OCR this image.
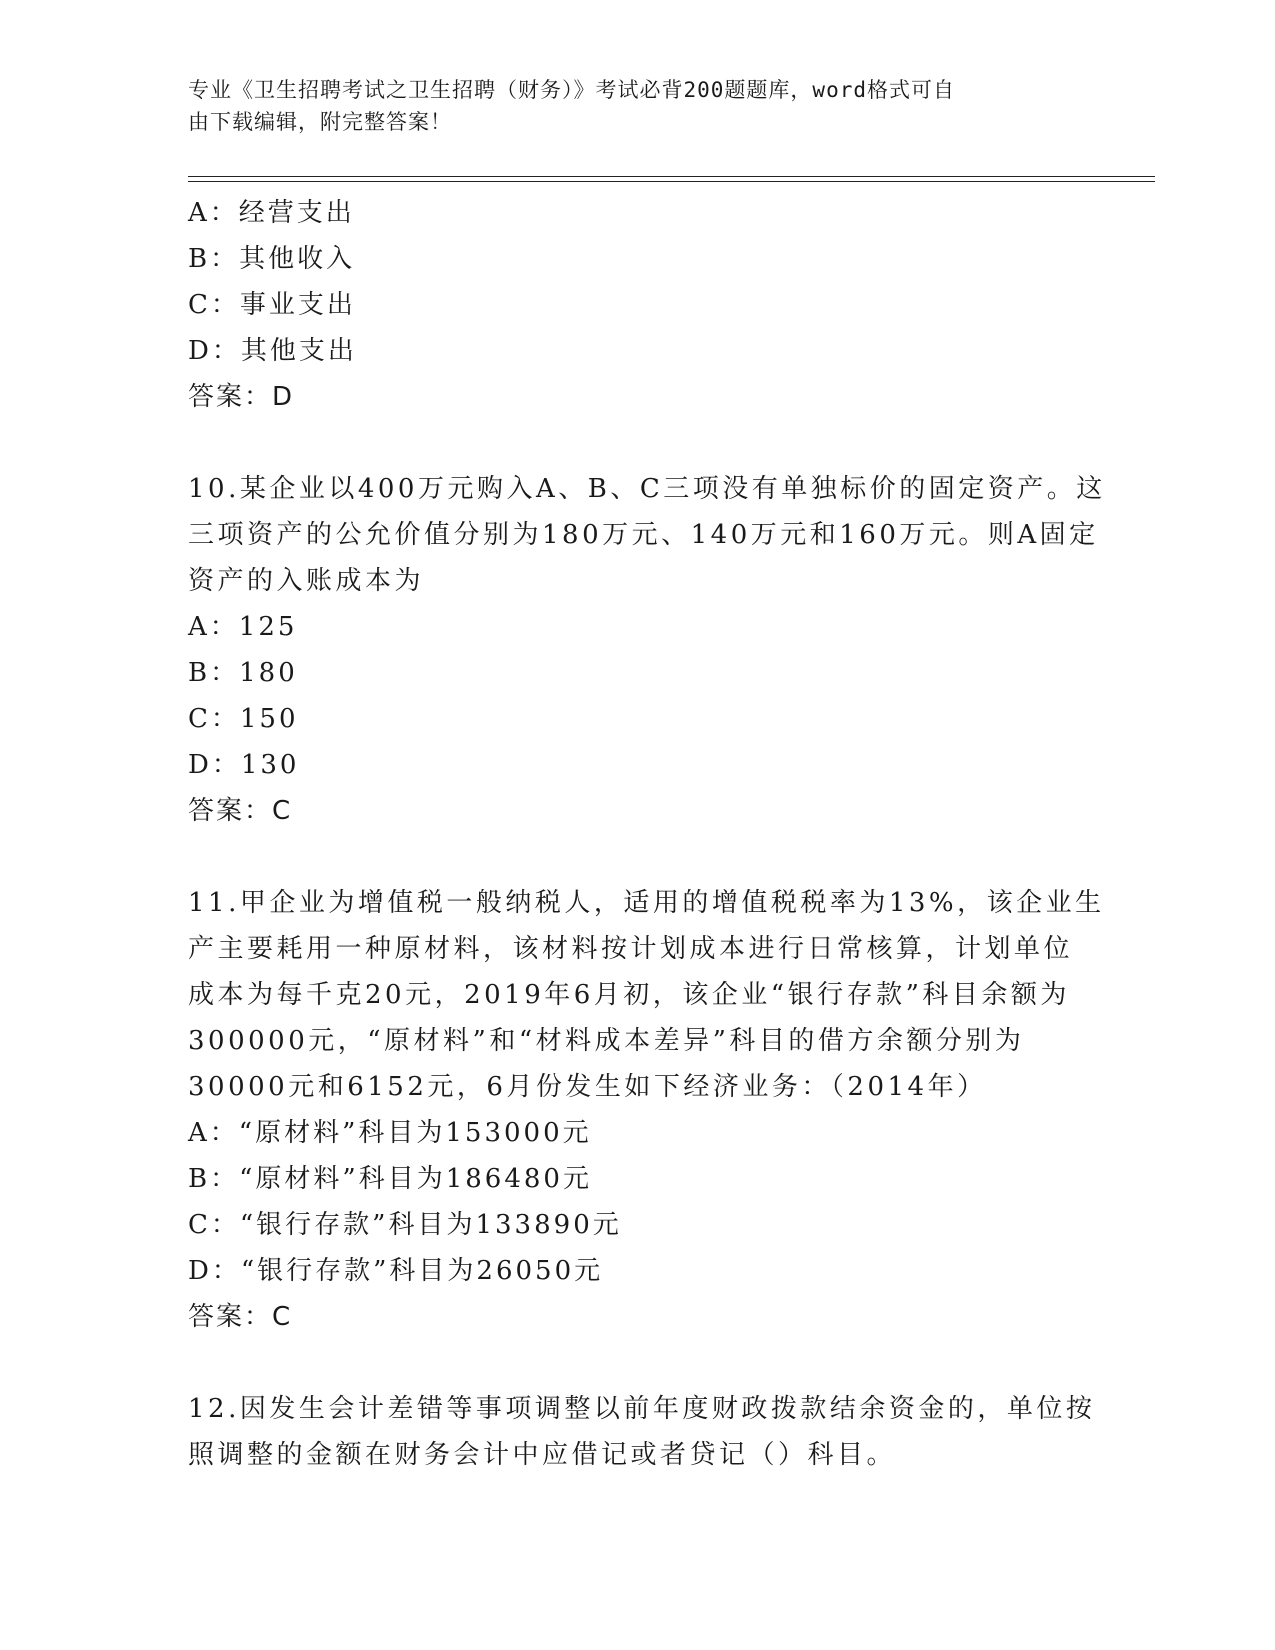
专业《卫生招聘考试之卫生招聘（财务）》考试必背200题题库，word格式可自
由下载编辑，附完整答案！
A：经营支出
B：其他收入
C：事业支出
D：其他支出
答案：D
10.某企业以400万元购入A、B、C三项没有单独标价的固定资产。这
三项资产的公允价值分别为180万元、140万元和160万元。则A固定
资产的入账成本为
A：125
B：180
C：150
D：130
答案：C
11.甲企业为增值税一般纳税人，适用的增值税税率为13%，该企业生
产主要耗用一种原材料，该材料按计划成本进行日常核算，计划单位
成本为每千克20元，2019年6月初，该企业“银行存款”科目余额为
300000元，“原材料”和“材料成本差异”科目的借方余额分别为
30000元和6152元，6月份发生如下经济业务：（2014年）
A：“原材料”科目为153000元
B：“原材料”科目为186480元
C：“银行存款”科目为133890元
D：“银行存款”科目为26050元
答案：C
12.因发生会计差错等事项调整以前年度财政拨款结余资金的，单位按
照调整的金额在财务会计中应借记或者贷记（）科目。
